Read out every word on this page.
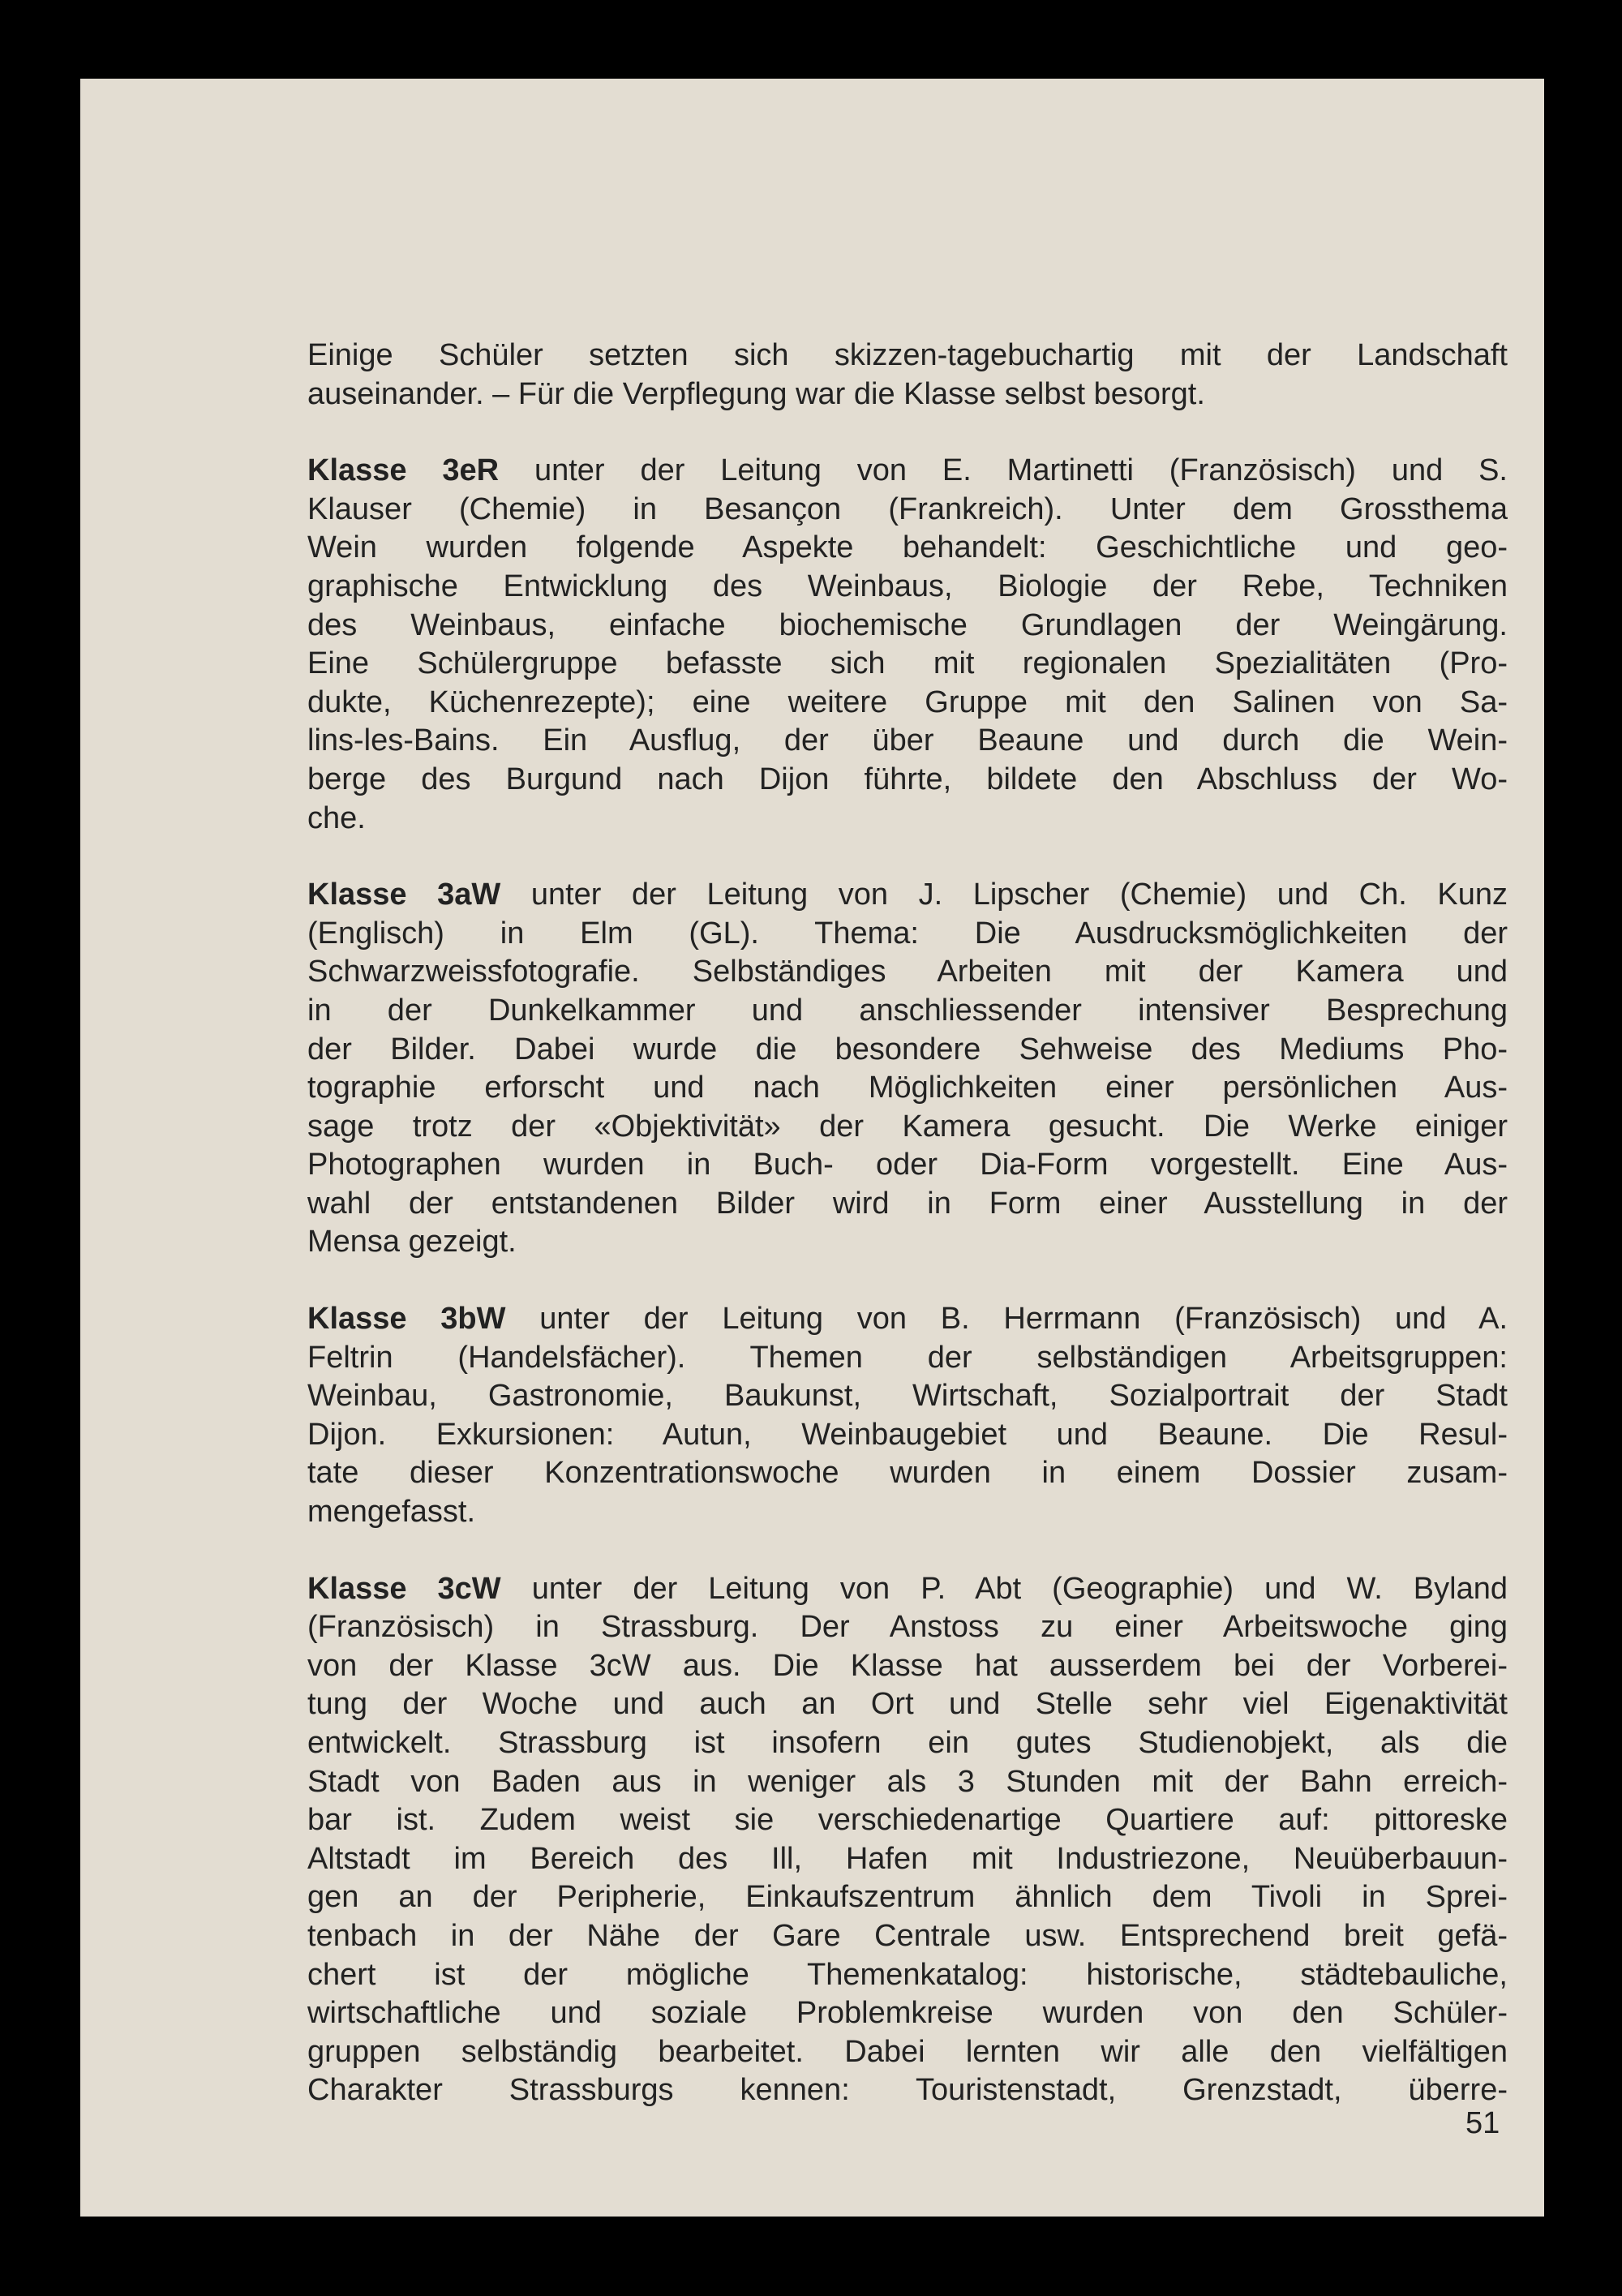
Einige Schüler setzten sich skizzen-tagebuchartig mit der Landschaft
auseinander. – Für die Verpflegung war die Klasse selbst besorgt.
Klasse 3eR unter der Leitung von E. Martinetti (Französisch) und S.
Klauser (Chemie) in Besançon (Frankreich). Unter dem Grossthema
Wein wurden folgende Aspekte behandelt: Geschichtliche und geo-
graphische Entwicklung des Weinbaus, Biologie der Rebe, Techniken
des Weinbaus, einfache biochemische Grundlagen der Weingärung.
Eine Schülergruppe befasste sich mit regionalen Spezialitäten (Pro-
dukte, Küchenrezepte); eine weitere Gruppe mit den Salinen von Sa-
lins-les-Bains. Ein Ausflug, der über Beaune und durch die Wein-
berge des Burgund nach Dijon führte, bildete den Abschluss der Wo-
che.
Klasse 3aW unter der Leitung von J. Lipscher (Chemie) und Ch. Kunz
(Englisch) in Elm (GL). Thema: Die Ausdrucksmöglichkeiten der
Schwarzweissfotografie. Selbständiges Arbeiten mit der Kamera und
in der Dunkelkammer und anschliessender intensiver Besprechung
der Bilder. Dabei wurde die besondere Sehweise des Mediums Pho-
tographie erforscht und nach Möglichkeiten einer persönlichen Aus-
sage trotz der «Objektivität» der Kamera gesucht. Die Werke einiger
Photographen wurden in Buch- oder Dia-Form vorgestellt. Eine Aus-
wahl der entstandenen Bilder wird in Form einer Ausstellung in der
Mensa gezeigt.
Klasse 3bW unter der Leitung von B. Herrmann (Französisch) und A.
Feltrin (Handelsfächer). Themen der selbständigen Arbeitsgruppen:
Weinbau, Gastronomie, Baukunst, Wirtschaft, Sozialportrait der Stadt
Dijon. Exkursionen: Autun, Weinbaugebiet und Beaune. Die Resul-
tate dieser Konzentrationswoche wurden in einem Dossier zusam-
mengefasst.
Klasse 3cW unter der Leitung von P. Abt (Geographie) und W. Byland
(Französisch) in Strassburg. Der Anstoss zu einer Arbeitswoche ging
von der Klasse 3cW aus. Die Klasse hat ausserdem bei der Vorberei-
tung der Woche und auch an Ort und Stelle sehr viel Eigenaktivität
entwickelt. Strassburg ist insofern ein gutes Studienobjekt, als die
Stadt von Baden aus in weniger als 3 Stunden mit der Bahn erreich-
bar ist. Zudem weist sie verschiedenartige Quartiere auf: pittoreske
Altstadt im Bereich des Ill, Hafen mit Industriezone, Neuüberbauun-
gen an der Peripherie, Einkaufszentrum ähnlich dem Tivoli in Sprei-
tenbach in der Nähe der Gare Centrale usw. Entsprechend breit gefä-
chert ist der mögliche Themenkatalog: historische, städtebauliche,
wirtschaftliche und soziale Problemkreise wurden von den Schüler-
gruppen selbständig bearbeitet. Dabei lernten wir alle den vielfältigen
Charakter Strassburgs kennen: Touristenstadt, Grenzstadt, überre-
51
